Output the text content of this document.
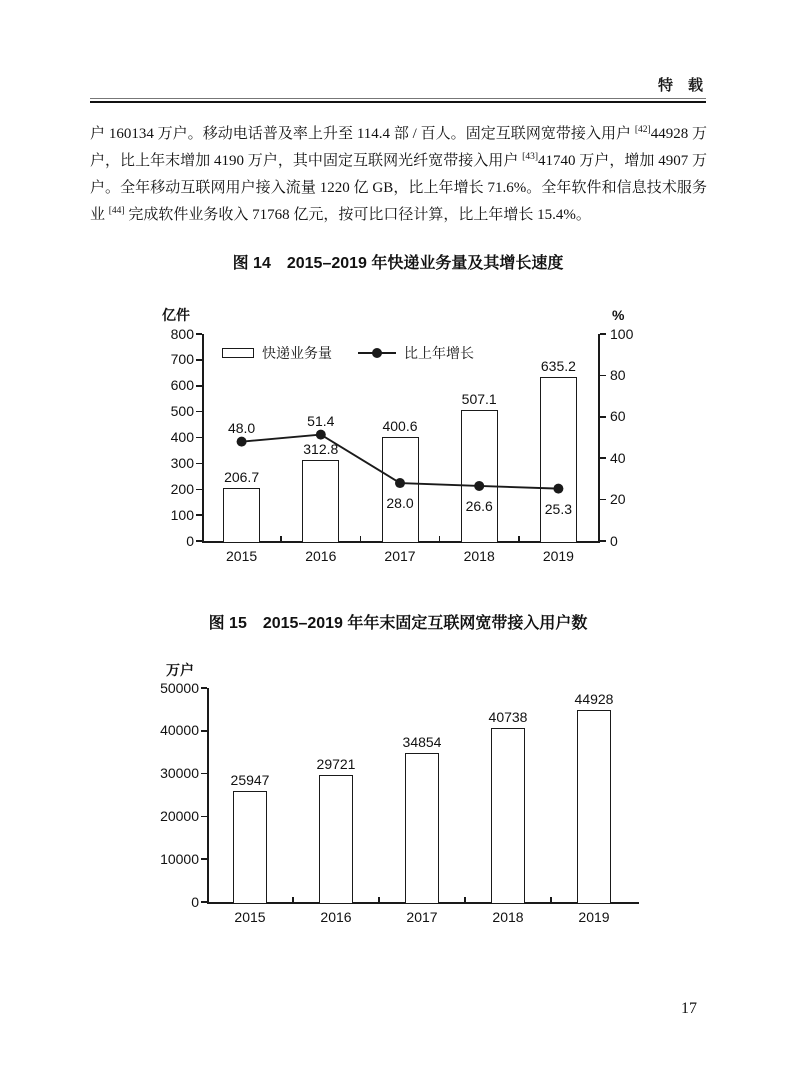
特　载

户 160134 万户。移动电话普及率上升至 114.4 部 / 百人。固定互联网宽带接入用户 [42]44928 万户，比上年末增加 4190 万户，其中固定互联网光纤宽带接入用户 [43]41740 万户，增加 4907 万户。全年移动互联网用户接入流量 1220 亿 GB，比上年增长 71.6%。全年软件和信息技术服务业 [44] 完成软件业务收入 71768 亿元，按可比口径计算，比上年增长 15.4%。

图 14　2015–2019 年快递业务量及其增长速度
0
100
200
300
400
500
600
700
800
亿件
0
20
40
60
80
100
%
2015	2016	2017	2018	2019
206.7
312.8
400.6
507.1
635.2
48.0	51.4
28.0	26.6	25.3
快递业务量	比上年增长
图 15　2015–2019 年年末固定互联网宽带接入用户数
0
10000
20000
30000
40000
50000
万户
2015	2016	2017	2018	2019
25947
29721
34854
40738
44928
17
